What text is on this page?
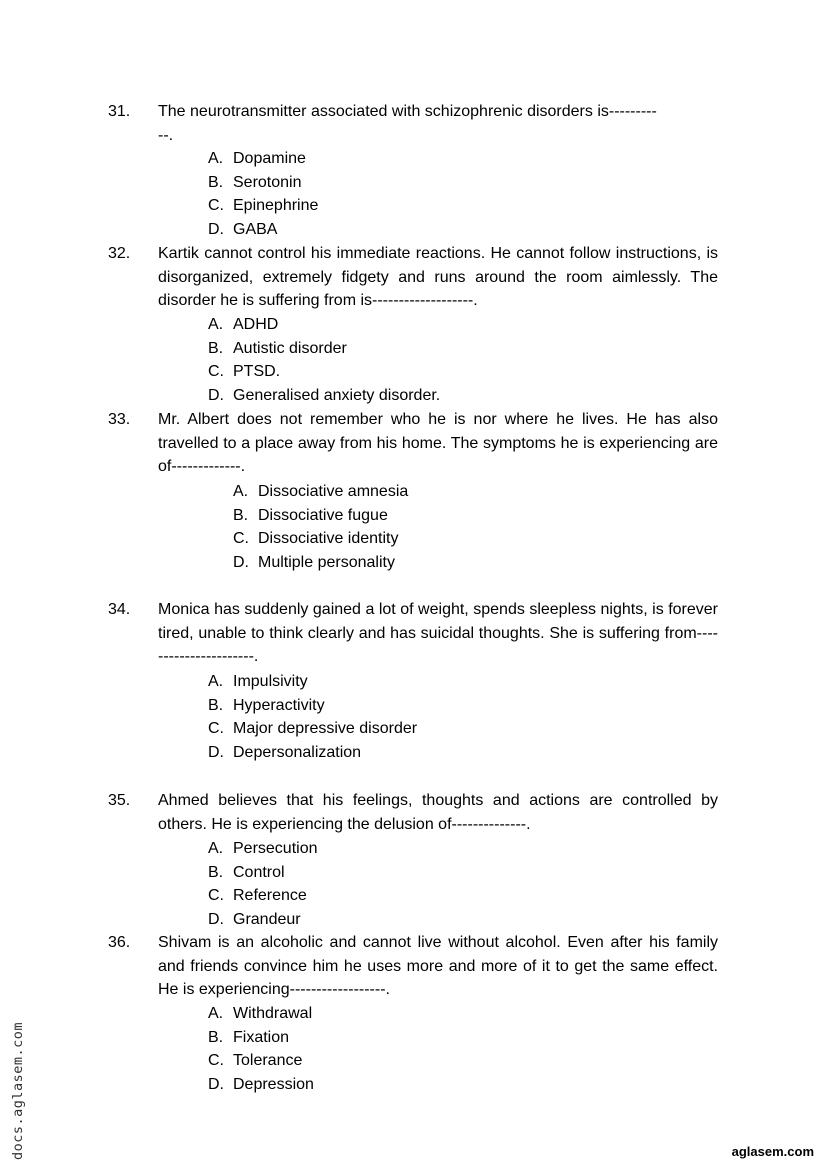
31. The neurotransmitter associated with schizophrenic disorders is-----------.
A. Dopamine
B. Serotonin
C. Epinephrine
D. GABA
32. Kartik cannot control his immediate reactions. He cannot follow instructions, is disorganized, extremely fidgety and runs around the room aimlessly. The disorder he is suffering from is-------------------.
A. ADHD
B. Autistic disorder
C. PTSD.
D. Generalised anxiety disorder.
33. Mr. Albert does not remember who he is nor where he lives. He has also travelled to a place away from his home. The symptoms he is experiencing are of-------------.
A. Dissociative amnesia
B. Dissociative fugue
C. Dissociative identity
D. Multiple personality
34. Monica has suddenly gained a lot of weight, spends sleepless nights, is forever tired, unable to think clearly and has suicidal thoughts. She is suffering from----------------------.
A. Impulsivity
B. Hyperactivity
C. Major depressive disorder
D. Depersonalization
35. Ahmed believes that his feelings, thoughts and actions are controlled by others. He is experiencing the delusion of--------------.
A. Persecution
B. Control
C. Reference
D. Grandeur
36. Shivam is an alcoholic and cannot live without alcohol. Even after his family and friends convince him he uses more and more of it to get the same effect. He is experiencing------------------.
A. Withdrawal
B. Fixation
C. Tolerance
D. Depression
docs.aglasem.com	aglasem.com
